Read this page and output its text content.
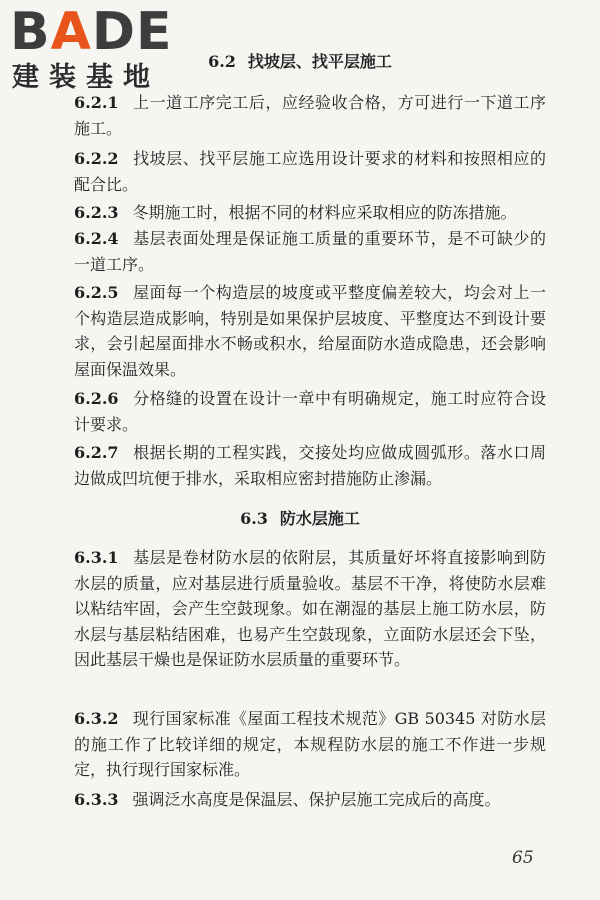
BADE
建装基地
6.2 找坡层、找平层施工
6.2.1 上一道工序完工后，应经验收合格，方可进行一下道工序施工。
6.2.2 找坡层、找平层施工应选用设计要求的材料和按照相应的配合比。
6.2.3 冬期施工时，根据不同的材料应采取相应的防冻措施。
6.2.4 基层表面处理是保证施工质量的重要环节，是不可缺少的一道工序。
6.2.5 屋面每一个构造层的坡度或平整度偏差较大，均会对上一个构造层造成影响，特别是如果保护层坡度、平整度达不到设计要求，会引起屋面排水不畅或积水，给屋面防水造成隐患，还会影响屋面保温效果。
6.2.6 分格缝的设置在设计一章中有明确规定，施工时应符合设计要求。
6.2.7 根据长期的工程实践，交接处均应做成圆弧形。落水口周边做成凹坑便于排水，采取相应密封措施防止渗漏。
6.3 防水层施工
6.3.1 基层是卷材防水层的依附层，其质量好坏将直接影响到防水层的质量，应对基层进行质量验收。基层不干净，将使防水层难以粘结牢固，会产生空鼓现象。如在潮湿的基层上施工防水层，防水层与基层粘结困难，也易产生空鼓现象，立面防水层还会下坠，因此基层干燥也是保证防水层质量的重要环节。
6.3.2 现行国家标准《屋面工程技术规范》GB 50345 对防水层的施工作了比较详细的规定，本规程防水层的施工不作进一步规定，执行现行国家标准。
6.3.3 强调泛水高度是保温层、保护层施工完成后的高度。
65
